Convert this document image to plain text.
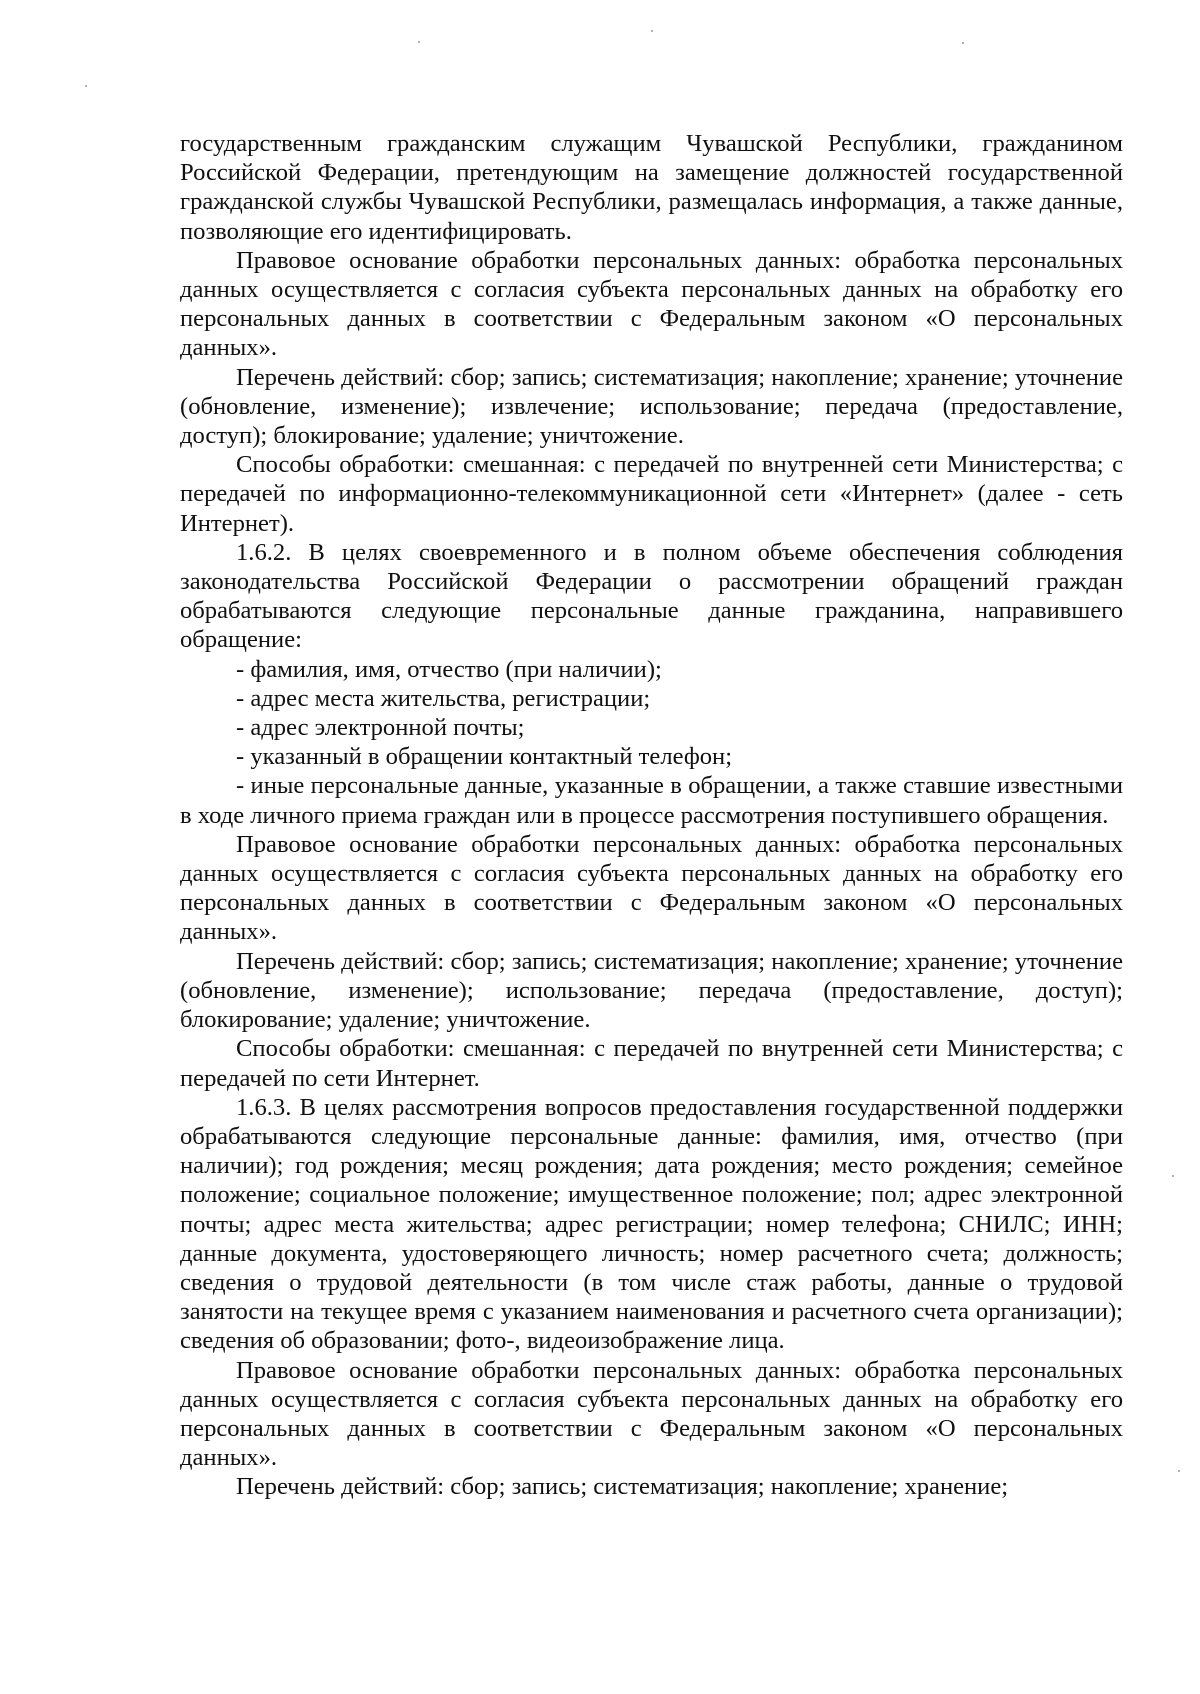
государственным гражданским служащим Чувашской Республики, гражданином Российской Федерации, претендующим на замещение должностей государственной гражданской службы Чувашской Республики, размещалась информация, а также данные, позволяющие его идентифицировать.

Правовое основание обработки персональных данных: обработка персональных данных осуществляется с согласия субъекта персональных данных на обработку его персональных данных в соответствии с Федеральным законом «О персональных данных».

Перечень действий: сбор; запись; систематизация; накопление; хранение; уточнение (обновление, изменение); извлечение; использование; передача (предоставление, доступ); блокирование; удаление; уничтожение.

Способы обработки: смешанная: с передачей по внутренней сети Министерства; с передачей по информационно-телекоммуникационной сети «Интернет» (далее - сеть Интернет).

1.6.2. В целях своевременного и в полном объеме обеспечения соблюдения законодательства Российской Федерации о рассмотрении обращений граждан обрабатываются следующие персональные данные гражданина, направившего обращение:

- фамилия, имя, отчество (при наличии);

- адрес места жительства, регистрации;

- адрес электронной почты;

- указанный в обращении контактный телефон;

- иные персональные данные, указанные в обращении, а также ставшие известными в ходе личного приема граждан или в процессе рассмотрения поступившего обращения.

Правовое основание обработки персональных данных: обработка персональных данных осуществляется с согласия субъекта персональных данных на обработку его персональных данных в соответствии с Федеральным законом «О персональных данных».

Перечень действий: сбор; запись; систематизация; накопление; хранение; уточнение (обновление, изменение); использование; передача (предоставление, доступ); блокирование; удаление; уничтожение.

Способы обработки: смешанная: с передачей по внутренней сети Министерства; с передачей по сети Интернет.

1.6.3. В целях рассмотрения вопросов предоставления государственной поддержки обрабатываются следующие персональные данные: фамилия, имя, отчество (при наличии); год рождения; месяц рождения; дата рождения; место рождения; семейное положение; социальное положение; имущественное положение; пол; адрес электронной почты; адрес места жительства; адрес регистрации; номер телефона; СНИЛС; ИНН; данные документа, удостоверяющего личность; номер расчетного счета; должность; сведения о трудовой деятельности (в том числе стаж работы, данные о трудовой занятости на текущее время с указанием наименования и расчетного счета организации); сведения об образовании; фото-, видеоизображение лица.

Правовое основание обработки персональных данных: обработка персональных данных осуществляется с согласия субъекта персональных данных на обработку его персональных данных в соответствии с Федеральным законом «О персональных данных».

Перечень действий: сбор; запись; систематизация; накопление; хранение;
